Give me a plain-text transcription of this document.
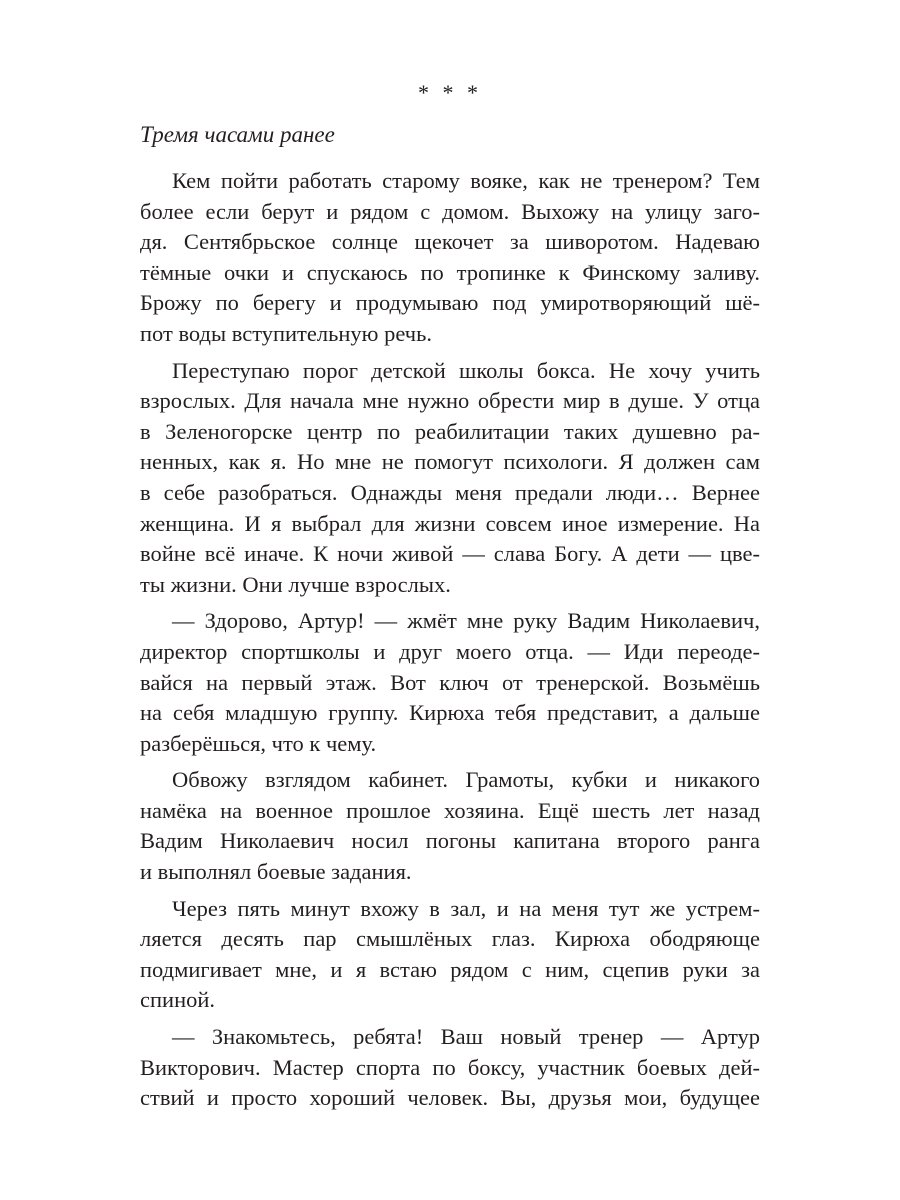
* * *

Тремя часами ранее

Кем пойти работать старому вояке, как не тренером? Тем
более если берут и рядом с домом. Выхожу на улицу заго-
дя. Сентябрьское солнце щекочет за шиворотом. Надеваю
тёмные очки и спускаюсь по тропинке к Финскому заливу.
Брожу по берегу и продумываю под умиротворяющий шё-
пот воды вступительную речь.
Переступаю порог детской школы бокса. Не хочу учить
взрослых. Для начала мне нужно обрести мир в душе. У отца
в Зеленогорске центр по реабилитации таких душевно ра-
ненных, как я. Но мне не помогут психологи. Я должен сам
в себе разобраться. Однажды меня предали люди… Вернее
женщина. И я выбрал для жизни совсем иное измерение. На
войне всё иначе. К ночи живой — слава Богу. А дети — цве-
ты жизни. Они лучше взрослых.
— Здорово, Артур! — жмёт мне руку Вадим Николаевич,
директор спортшколы и друг моего отца. — Иди переоде-
вайся на первый этаж. Вот ключ от тренерской. Возьмёшь
на себя младшую группу. Кирюха тебя представит, а дальше
разберёшься, что к чему.
Обвожу взглядом кабинет. Грамоты, кубки и никакого
намёка на военное прошлое хозяина. Ещё шесть лет назад
Вадим Николаевич носил погоны капитана второго ранга
и выполнял боевые задания.
Через пять минут вхожу в зал, и на меня тут же устрем-
ляется десять пар смышлёных глаз. Кирюха ободряюще
подмигивает мне, и я встаю рядом с ним, сцепив руки за
спиной.
— Знакомьтесь, ребята! Ваш новый тренер — Артур
Викторович. Мастер спорта по боксу, участник боевых дей-
ствий и просто хороший человек. Вы, друзья мои, будущее
